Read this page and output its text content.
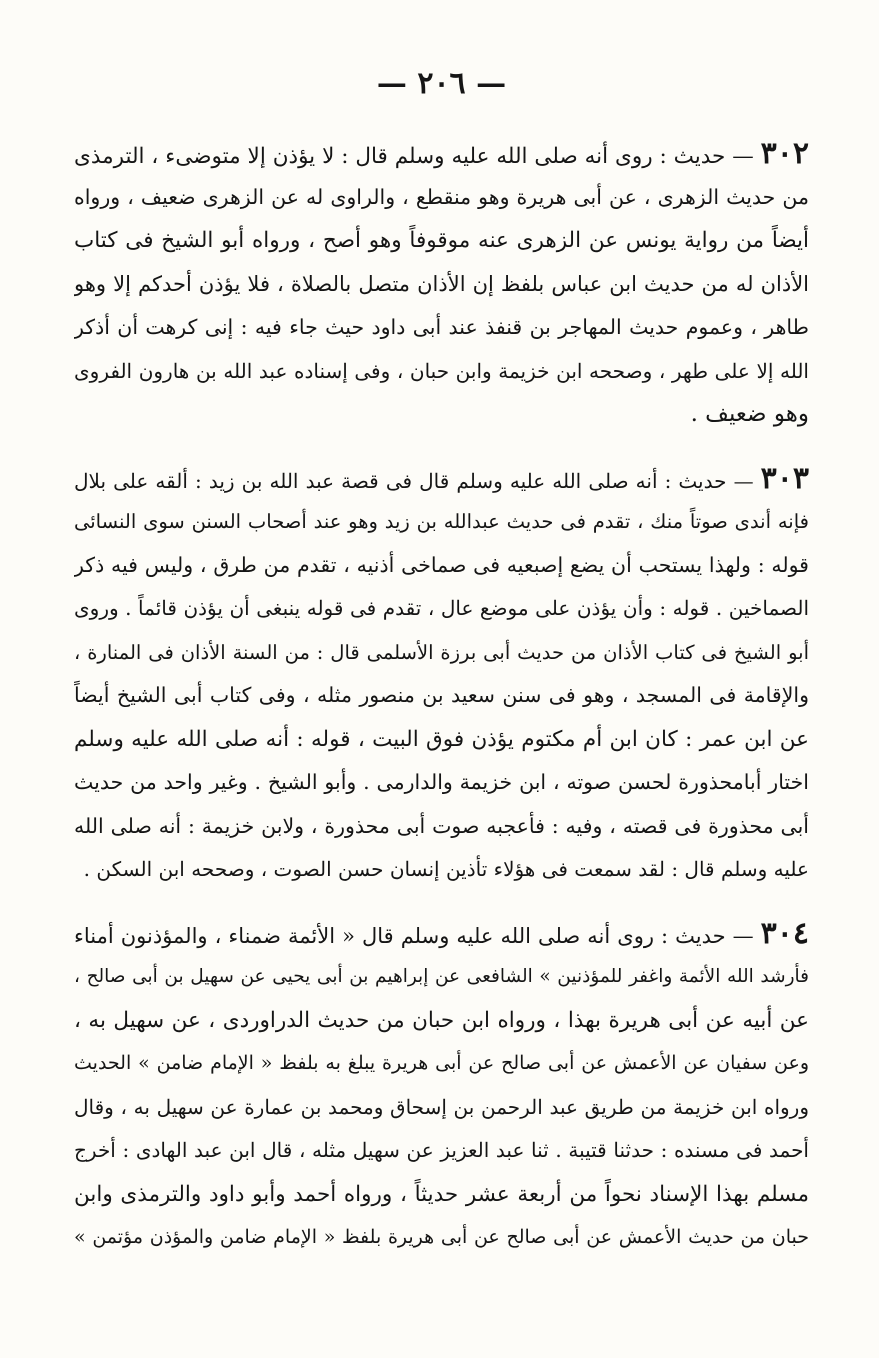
— ٢٠٦ —
٣٠٢ — حديث : روى أنه صلى الله عليه وسلم قال : لا يؤذن إلا متوضىء ، الترمذى
من حديث الزهرى ، عن أبى هريرة وهو منقطع ، والراوى له عن الزهرى ضعيف ، ورواه
أيضاً من رواية يونس عن الزهرى عنه موقوفاً وهو أصح ، ورواه أبو الشيخ فى كتاب
الأذان له من حديث ابن عباس بلفظ إن الأذان متصل بالصلاة ، فلا يؤذن أحدكم إلا وهو
طاهر ، وعموم حديث المهاجر بن قنفذ عند أبى داود حيث جاء فيه : إنى كرهت أن أذكر
الله إلا على طهر ، وصححه ابن خزيمة وابن حبان ، وفى إسناده عبد الله بن هارون الفروى
وهو ضعيف .
٣٠٣ — حديث : أنه صلى الله عليه وسلم قال فى قصة عبد الله بن زيد : ألقه على بلال
فإنه أندى صوتاً منك ، تقدم فى حديث عبدالله بن زيد وهو عند أصحاب السنن سوى النسائى
قوله : ولهذا يستحب أن يضع إصبعيه فى صماخى أذنيه ، تقدم من طرق ، وليس فيه ذكر
الصماخين . قوله : وأن يؤذن على موضع عال ، تقدم فى قوله ينبغى أن يؤذن قائماً . وروى
أبو الشيخ فى كتاب الأذان من حديث أبى برزة الأسلمى قال : من السنة الأذان فى المنارة ،
والإقامة فى المسجد ، وهو فى سنن سعيد بن منصور مثله ، وفى كتاب أبى الشيخ أيضاً
عن ابن عمر : كان ابن أم مكتوم يؤذن فوق البيت ، قوله : أنه صلى الله عليه وسلم
اختار أبامحذورة لحسن صوته ، ابن خزيمة والدارمى . وأبو الشيخ . وغير واحد من حديث
أبى محذورة فى قصته ، وفيه : فأعجبه صوت أبى محذورة ، ولابن خزيمة : أنه صلى الله
عليه وسلم قال : لقد سمعت فى هؤلاء تأذين إنسان حسن الصوت ، وصححه ابن السكن .
٣٠٤ — حديث : روى أنه صلى الله عليه وسلم قال « الأئمة ضمناء ، والمؤذنون أمناء
فأرشد الله الأئمة واغفر للمؤذنين » الشافعى عن إبراهيم بن أبى يحيى عن سهيل بن أبى صالح ،
عن أبيه عن أبى هريرة بهذا ، ورواه ابن حبان من حديث الدراوردى ، عن سهيل به ،
وعن سفيان عن الأعمش عن أبى صالح عن أبى هريرة يبلغ به بلفظ « الإمام ضامن » الحديث
ورواه ابن خزيمة من طريق عبد الرحمن بن إسحاق ومحمد بن عمارة عن سهيل به ، وقال
أحمد فى مسنده : حدثنا قتيبة . ثنا عبد العزيز عن سهيل مثله ، قال ابن عبد الهادى : أخرج
مسلم بهذا الإسناد نحواً من أربعة عشر حديثاً ، ورواه أحمد وأبو داود والترمذى وابن
حبان من حديث الأعمش عن أبى صالح عن أبى هريرة بلفظ « الإمام ضامن والمؤذن مؤتمن »
